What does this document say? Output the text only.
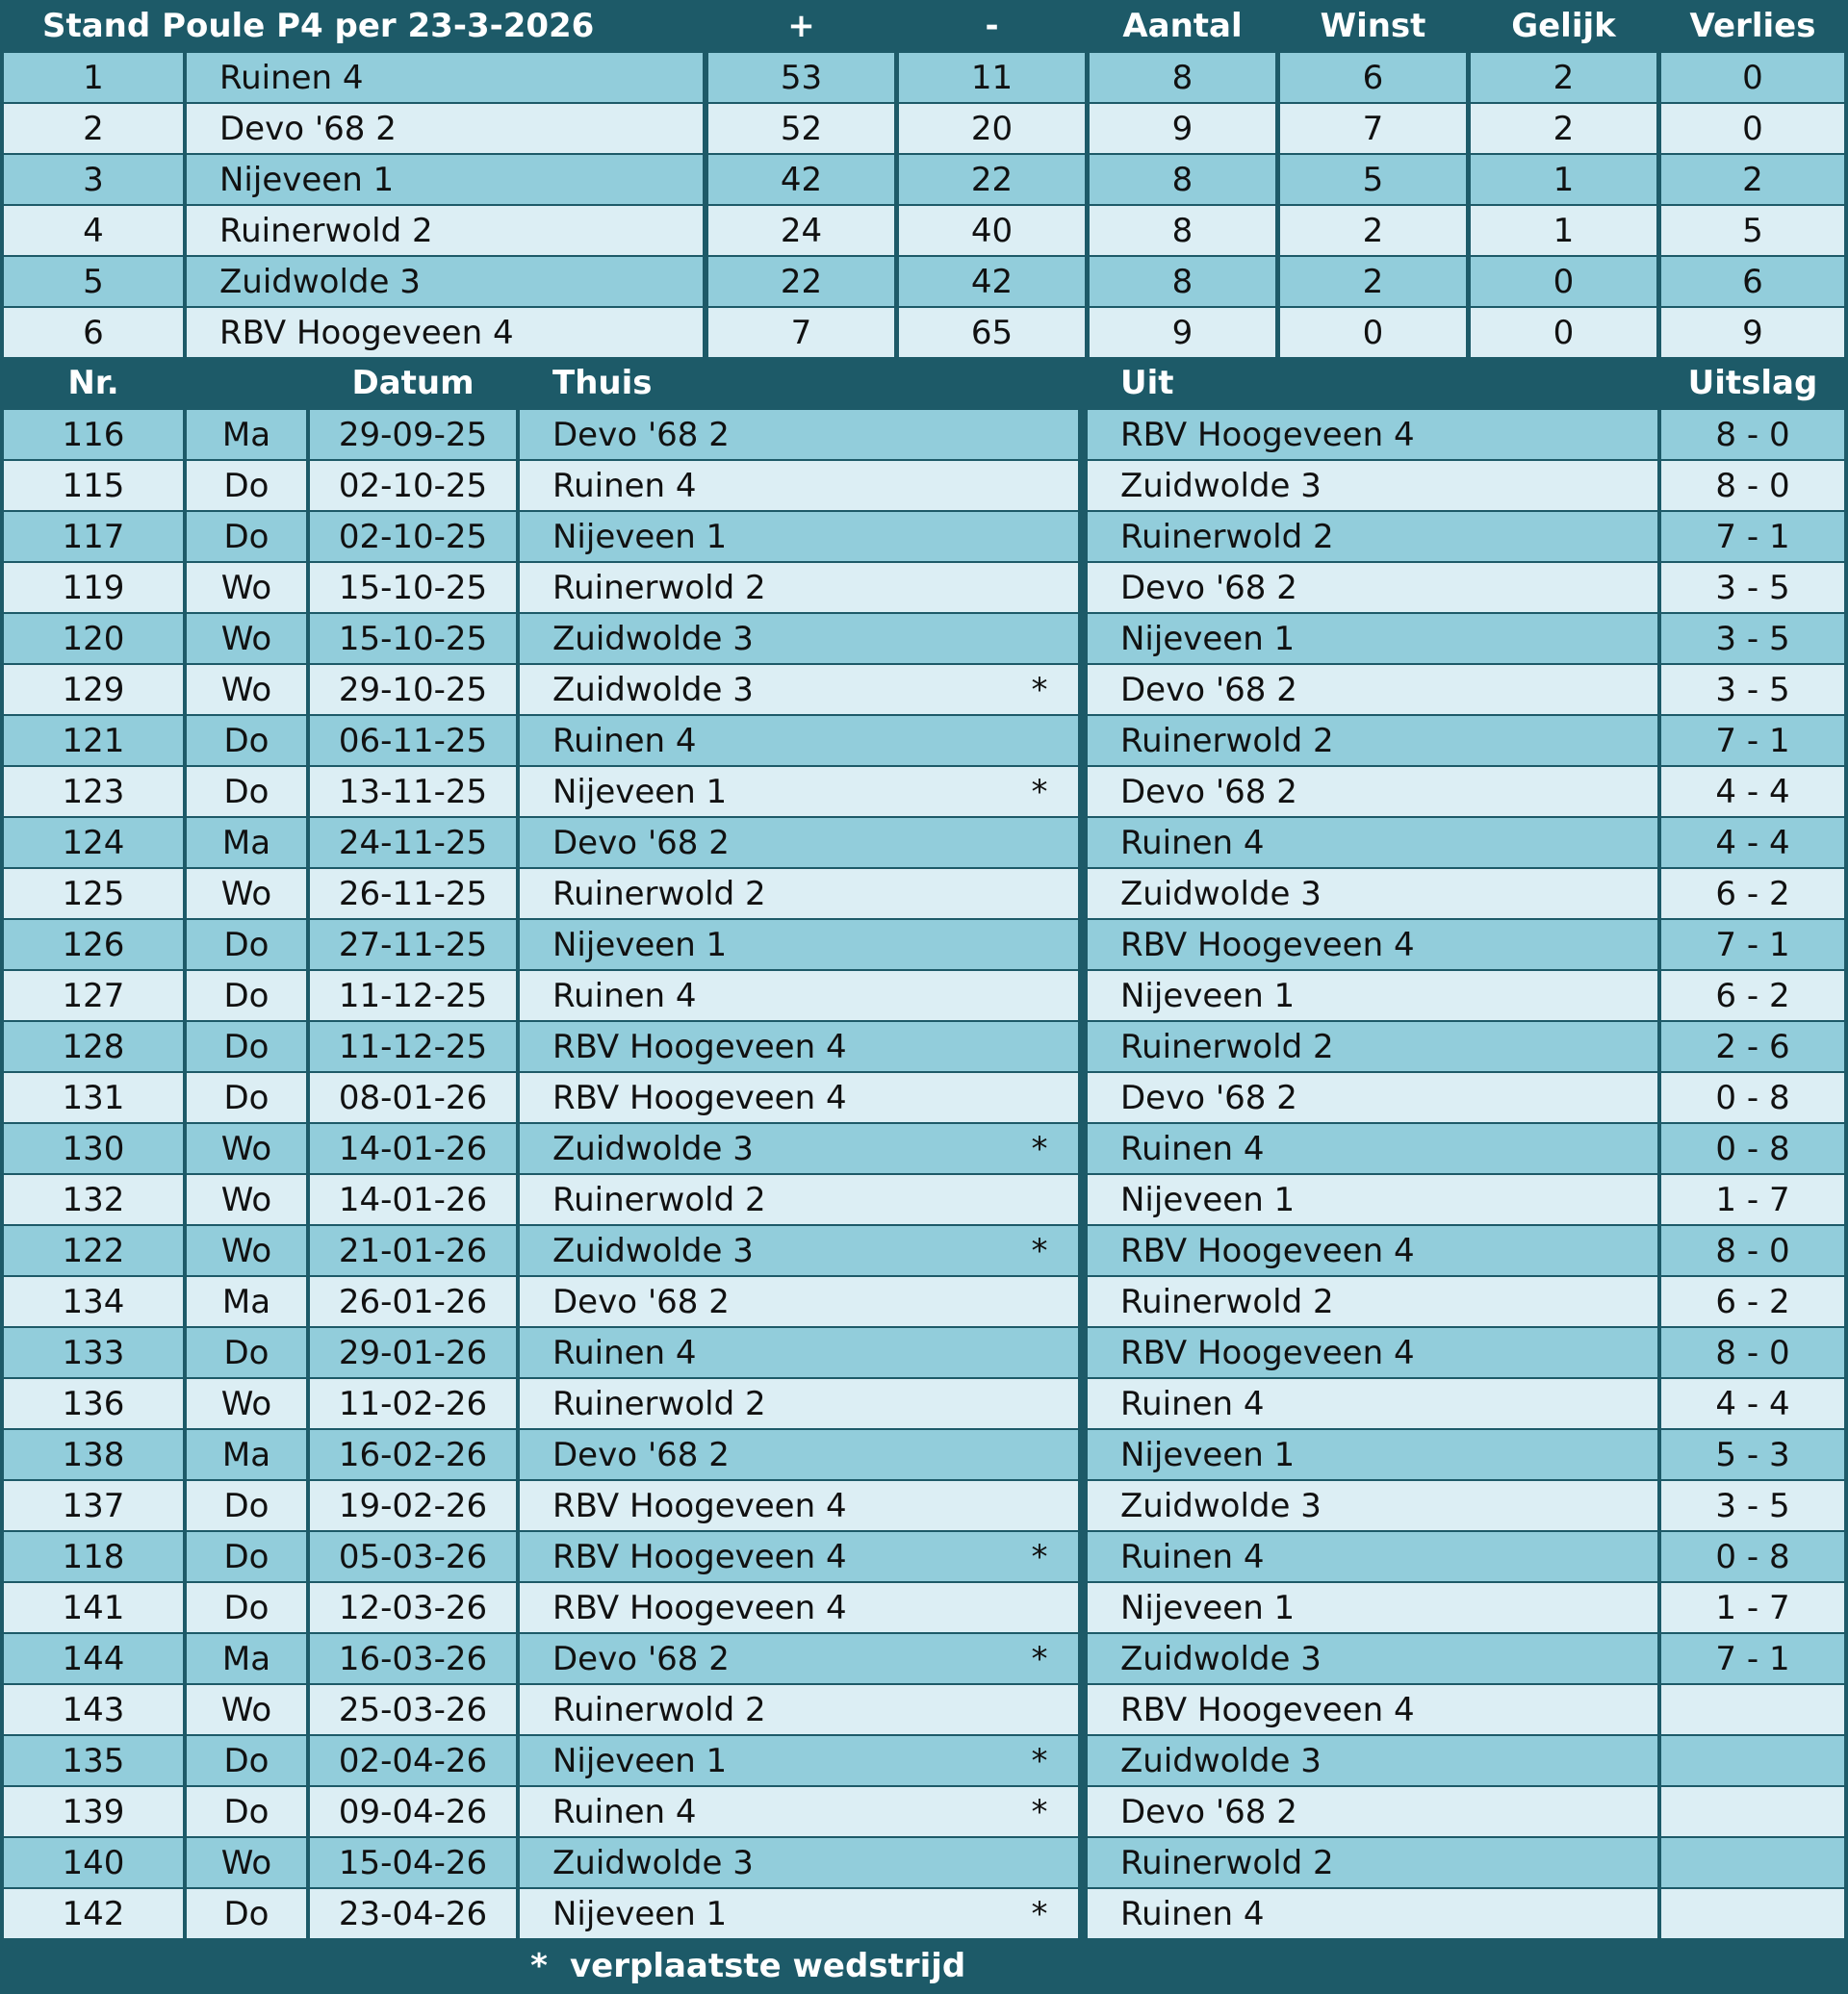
Stand Poule P4 per 23-3-2026	+	-	Aantal	Winst	Gelijk	Verlies
1	Ruinen 4	53	11	8	6	2	0
2	Devo '68 2	52	20	9	7	2	0
3	Nijeveen 1	42	22	8	5	1	2
4	Ruinerwold 2	24	40	8	2	1	5
5	Zuidwolde 3	22	42	8	2	0	6
6	RBV Hoogeveen 4	7	65	9	0	0	9
Nr.	Datum	Thuis	Uit	Uitslag
116	Ma	29-09-25	Devo '68 2	RBV Hoogeveen 4	8 - 0
115	Do	02-10-25	Ruinen 4	Zuidwolde 3	8 - 0
117	Do	02-10-25	Nijeveen 1	Ruinerwold 2	7 - 1
119	Wo	15-10-25	Ruinerwold 2	Devo '68 2	3 - 5
120	Wo	15-10-25	Zuidwolde 3	Nijeveen 1	3 - 5
129	Wo	29-10-25	Zuidwolde 3	*	Devo '68 2	3 - 5
121	Do	06-11-25	Ruinen 4	Ruinerwold 2	7 - 1
123	Do	13-11-25	Nijeveen 1	*	Devo '68 2	4 - 4
124	Ma	24-11-25	Devo '68 2	Ruinen 4	4 - 4
125	Wo	26-11-25	Ruinerwold 2	Zuidwolde 3	6 - 2
126	Do	27-11-25	Nijeveen 1	RBV Hoogeveen 4	7 - 1
127	Do	11-12-25	Ruinen 4	Nijeveen 1	6 - 2
128	Do	11-12-25	RBV Hoogeveen 4	Ruinerwold 2	2 - 6
131	Do	08-01-26	RBV Hoogeveen 4	Devo '68 2	0 - 8
130	Wo	14-01-26	Zuidwolde 3	*	Ruinen 4	0 - 8
132	Wo	14-01-26	Ruinerwold 2	Nijeveen 1	1 - 7
122	Wo	21-01-26	Zuidwolde 3	*	RBV Hoogeveen 4	8 - 0
134	Ma	26-01-26	Devo '68 2	Ruinerwold 2	6 - 2
133	Do	29-01-26	Ruinen 4	RBV Hoogeveen 4	8 - 0
136	Wo	11-02-26	Ruinerwold 2	Ruinen 4	4 - 4
138	Ma	16-02-26	Devo '68 2	Nijeveen 1	5 - 3
137	Do	19-02-26	RBV Hoogeveen 4	Zuidwolde 3	3 - 5
118	Do	05-03-26	RBV Hoogeveen 4	*	Ruinen 4	0 - 8
141	Do	12-03-26	RBV Hoogeveen 4	Nijeveen 1	1 - 7
144	Ma	16-03-26	Devo '68 2	*	Zuidwolde 3	7 - 1
143	Wo	25-03-26	Ruinerwold 2	RBV Hoogeveen 4
135	Do	02-04-26	Nijeveen 1	*	Zuidwolde 3
139	Do	09-04-26	Ruinen 4	*	Devo '68 2
140	Wo	15-04-26	Zuidwolde 3	Ruinerwold 2
142	Do	23-04-26	Nijeveen 1	*	Ruinen 4
* verplaatste wedstrijd
